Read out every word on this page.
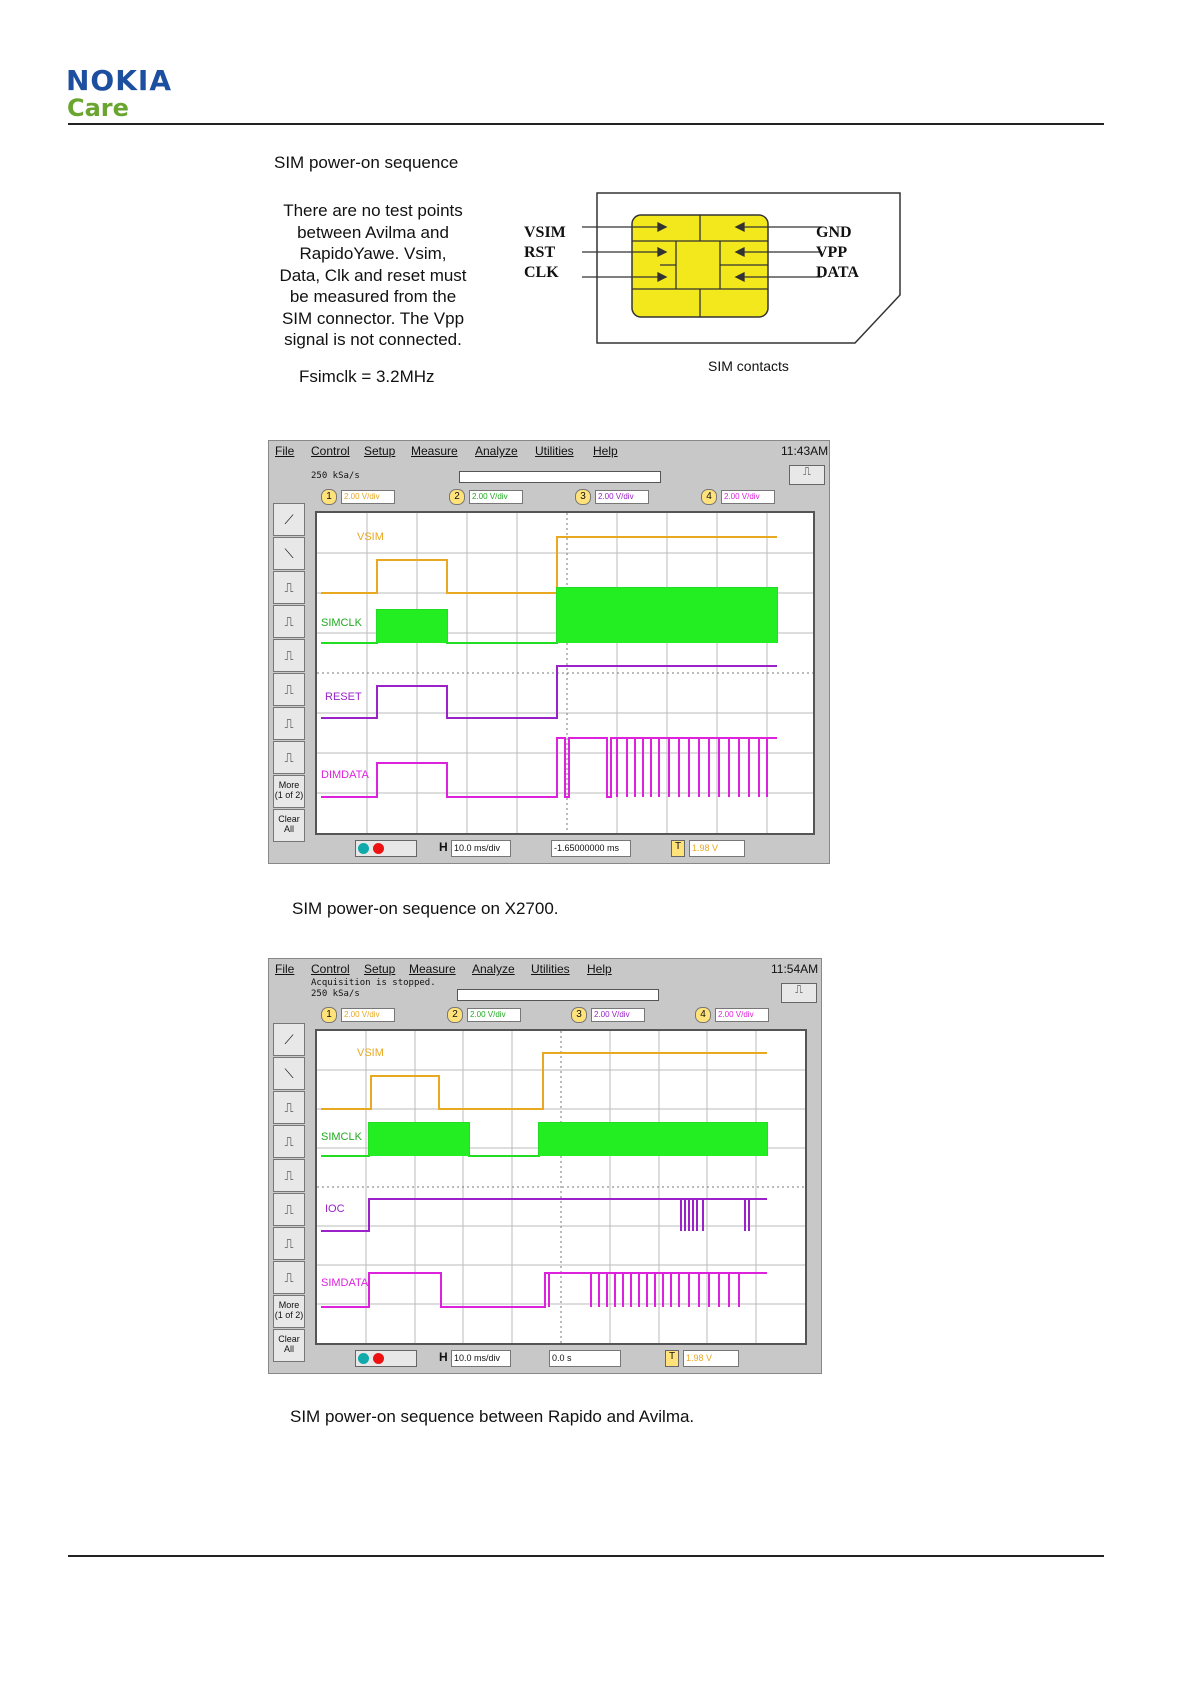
NOKIA
Care
SIM power-on sequence
There are no test points
between Avilma and
RapidoYawe. Vsim,
Data, Clk and reset must
be measured from the
SIM connector. The Vpp
signal is not connected.
Fsimclk = 3.2MHz
VSIM
RST
CLK
GND
VPP
DATA
SIM contacts
File Control Setup Measure Analyze Utilities Help	11:43AM
250 kSa/s	⎍
1 2.00 V/div	2 2.00 V/div	3 2.00 V/div	4 2.00 V/div
⟋
⟍
⎍
⎍
⎍
⎍
⎍
⎍
More (1 of 2)
Clear All
VSIM
SIMCLK
RESET
DIMDATA
H 10.0 ms/div	-1.65000000 ms	T	1.98 V
SIM power-on sequence on X2700.
File Control Setup Measure Analyze Utilities Help	11:54AM
Acquisition is stopped.
250 kSa/s	⎍
1 2.00 V/div	2 2.00 V/div	3 2.00 V/div	4 2.00 V/div
⟋
⟍
⎍
⎍
⎍
⎍
⎍
⎍
More (1 of 2)
Clear All
VSIM
SIMCLK
IOC
SIMDATA
H 10.0 ms/div	0.0 s	T	1.98 V
SIM power-on sequence between Rapido and Avilma.
